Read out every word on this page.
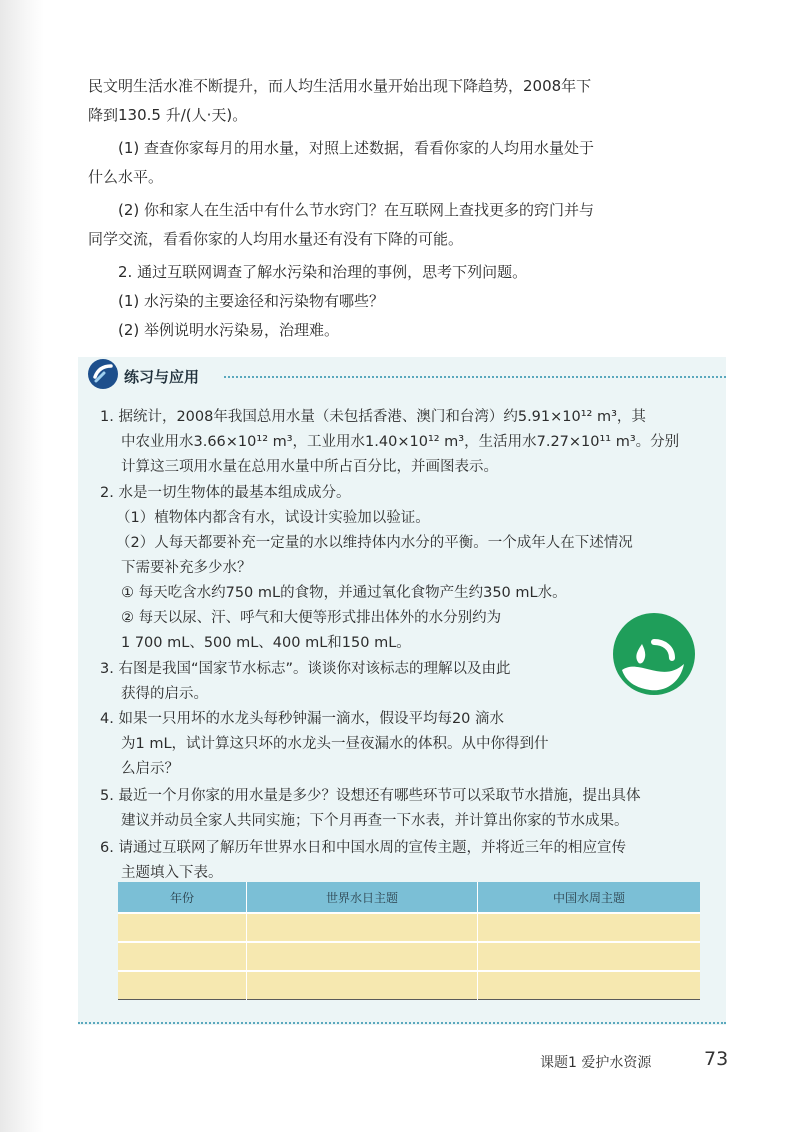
民文明生活水准不断提升，而人均生活用水量开始出现下降趋势，2008年下

降到130.5 升/(人·天)。

(1) 查查你家每月的用水量，对照上述数据，看看你家的人均用水量处于

什么水平。

(2) 你和家人在生活中有什么节水窍门？在互联网上查找更多的窍门并与

同学交流，看看你家的人均用水量还有没有下降的可能。

2. 通过互联网调查了解水污染和治理的事例，思考下列问题。

(1) 水污染的主要途径和污染物有哪些？

(2) 举例说明水污染易，治理难。

练习与应用
1. 据统计，2008年我国总用水量（未包括香港、澳门和台湾）约5.91×10¹² m³，其
中农业用水3.66×10¹² m³，工业用水1.40×10¹² m³，生活用水7.27×10¹¹ m³。分别
计算这三项用水量在总用水量中所占百分比，并画图表示。
2. 水是一切生物体的最基本组成成分。
（1）植物体内都含有水，试设计实验加以验证。
（2）人每天都要补充一定量的水以维持体内水分的平衡。一个成年人在下述情况
下需要补充多少水？
① 每天吃含水约750 mL的食物，并通过氧化食物产生约350 mL水。
② 每天以尿、汗、呼气和大便等形式排出体外的水分别约为
1 700 mL、500 mL、400 mL和150 mL。
3. 右图是我国“国家节水标志”。谈谈你对该标志的理解以及由此
获得的启示。
4. 如果一只用坏的水龙头每秒钟漏一滴水，假设平均每20 滴水
为1 mL，试计算这只坏的水龙头一昼夜漏水的体积。从中你得到什
么启示？
5. 最近一个月你家的用水量是多少？设想还有哪些环节可以采取节水措施，提出具体
建议并动员全家人共同实施；下个月再查一下水表，并计算出你家的节水成果。
6. 请通过互联网了解历年世界水日和中国水周的宣传主题，并将近三年的相应宣传
主题填入下表。
年份	世界水日主题	中国水周主题

课题1 爱护水资源	73
